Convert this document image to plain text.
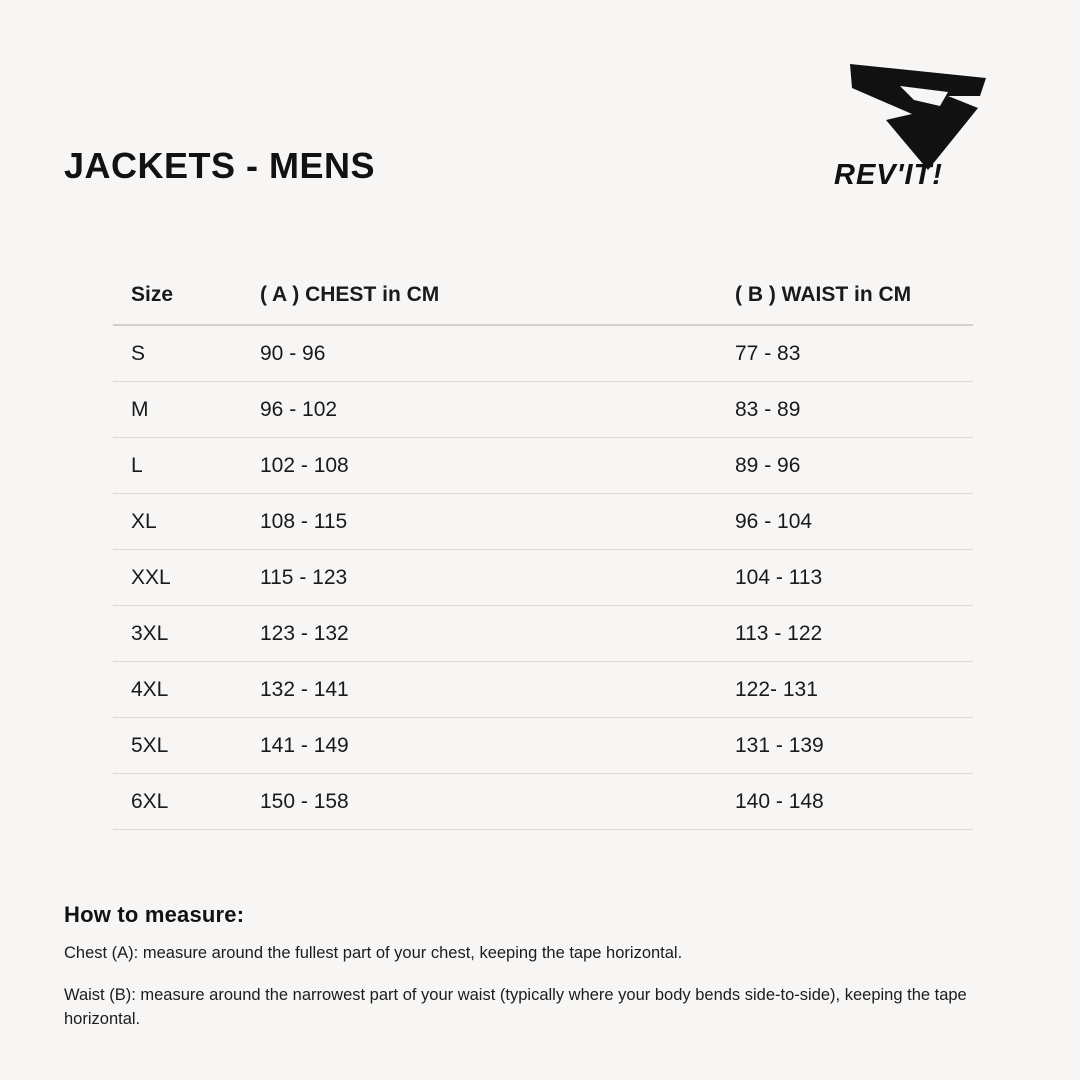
JACKETS - MENS	REV'IT!
Size	( A ) CHEST in CM	( B ) WAIST in CM
S	90 - 96	77 - 83
M	96 - 102	83 - 89
L	102 - 108	89 - 96
XL	108 - 115	96 - 104
XXL	115 - 123	104 - 113
3XL	123 - 132	113 - 122
4XL	132 - 141	122- 131
5XL	141 - 149	131 - 139
6XL	150 - 158	140 - 148
How to measure:

Chest (A): measure around the fullest part of your chest, keeping the tape horizontal.

Waist (B): measure around the narrowest part of your waist (typically where your body bends side-to-side), keeping the tape horizontal.
